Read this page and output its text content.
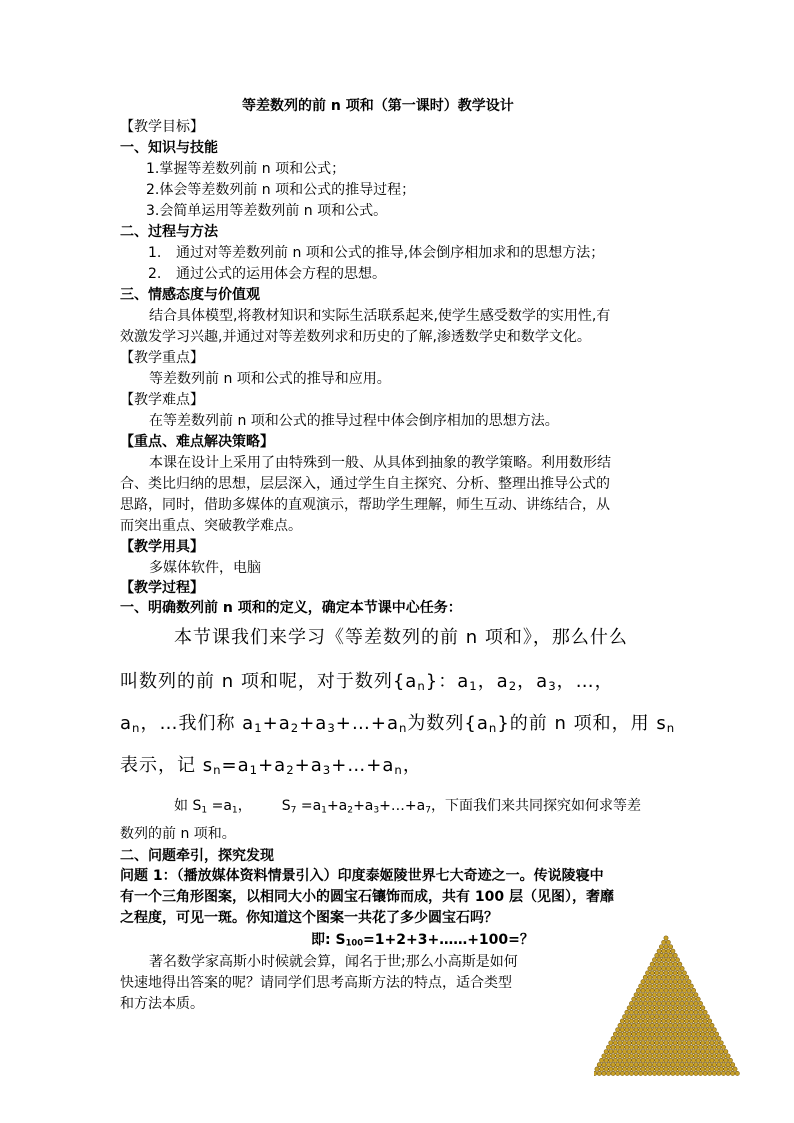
等差数列的前 n 项和（第一课时）教学设计
【教学目标】
一、知识与技能
1.掌握等差数列前 n 项和公式；
2.体会等差数列前 n 项和公式的推导过程；
3.会简单运用等差数列前 n 项和公式。
二、过程与方法
1. 通过对等差数列前 n 项和公式的推导,体会倒序相加求和的思想方法；
2. 通过公式的运用体会方程的思想。
三、情感态度与价值观
结合具体模型,将教材知识和实际生活联系起来,使学生感受数学的实用性,有
效激发学习兴趣,并通过对等差数列求和历史的了解,渗透数学史和数学文化。
【教学重点】
等差数列前 n 项和公式的推导和应用。
【教学难点】
在等差数列前 n 项和公式的推导过程中体会倒序相加的思想方法。
【重点、难点解决策略】
本课在设计上采用了由特殊到一般、从具体到抽象的教学策略。利用数形结
合、类比归纳的思想，层层深入，通过学生自主探究、分析、整理出推导公式的
思路，同时，借助多媒体的直观演示，帮助学生理解，师生互动、讲练结合，从
而突出重点、突破教学难点。
【教学用具】
多媒体软件，电脑
【教学过程】
一、明确数列前 n 项和的定义，确定本节课中心任务：
本节课我们来学习《等差数列的前 n 项和》，那么什么
叫数列的前 n 项和呢，对于数列$\{a_n\}$：$a_1$，$a_2$，$a_3$，…，
$a_n$，…我们称 $a_1+a_2+a_3+\dots+a_n$为数列$\{a_n\}$的前 n 项和，用 $s_n$
表示，记 $s_n=a_1+a_2+a_3+\dots+a_n$，
如 $S_1 =a_1$， $S_7$ $=a_1+a_2+a_3+\dots+a_7$，下面我们来共同探究如何求等差
数列的前 n 项和。
二、问题牵引，探究发现
问题 1：（播放媒体资料情景引入）印度泰姬陵世界七大奇迹之一。传说陵寝中
有一个三角形图案，以相同大小的圆宝石镶饰而成，共有 100 层（见图），奢靡
之程度，可见一斑。你知道这个图案一共花了多少圆宝石吗？
即: $S_{100}=1+2+3+\dots\dots+100=$？
著名数学家高斯小时候就会算，闻名于世;那么小高斯是如何
快速地得出答案的呢？请同学们思考高斯方法的特点，适合类型
和方法本质。
